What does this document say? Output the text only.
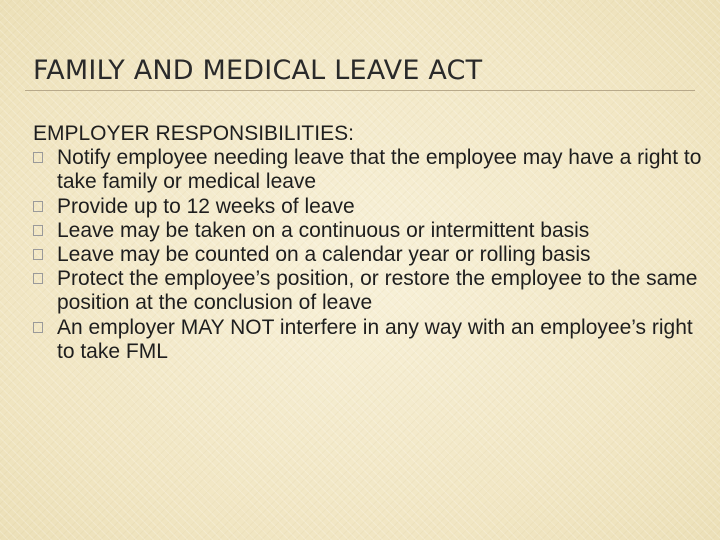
FAMILY AND MEDICAL LEAVE ACT

EMPLOYER RESPONSIBILITIES:

Notify employee needing leave that the employee may have a right to take family or medical leave
Provide up to 12 weeks of leave
Leave may be taken on a continuous or intermittent basis
Leave may be counted on a calendar year or rolling basis
Protect the employee’s position, or restore the employee to the same position at the conclusion of leave
An employer MAY NOT interfere in any way with an employee’s right to take FML
